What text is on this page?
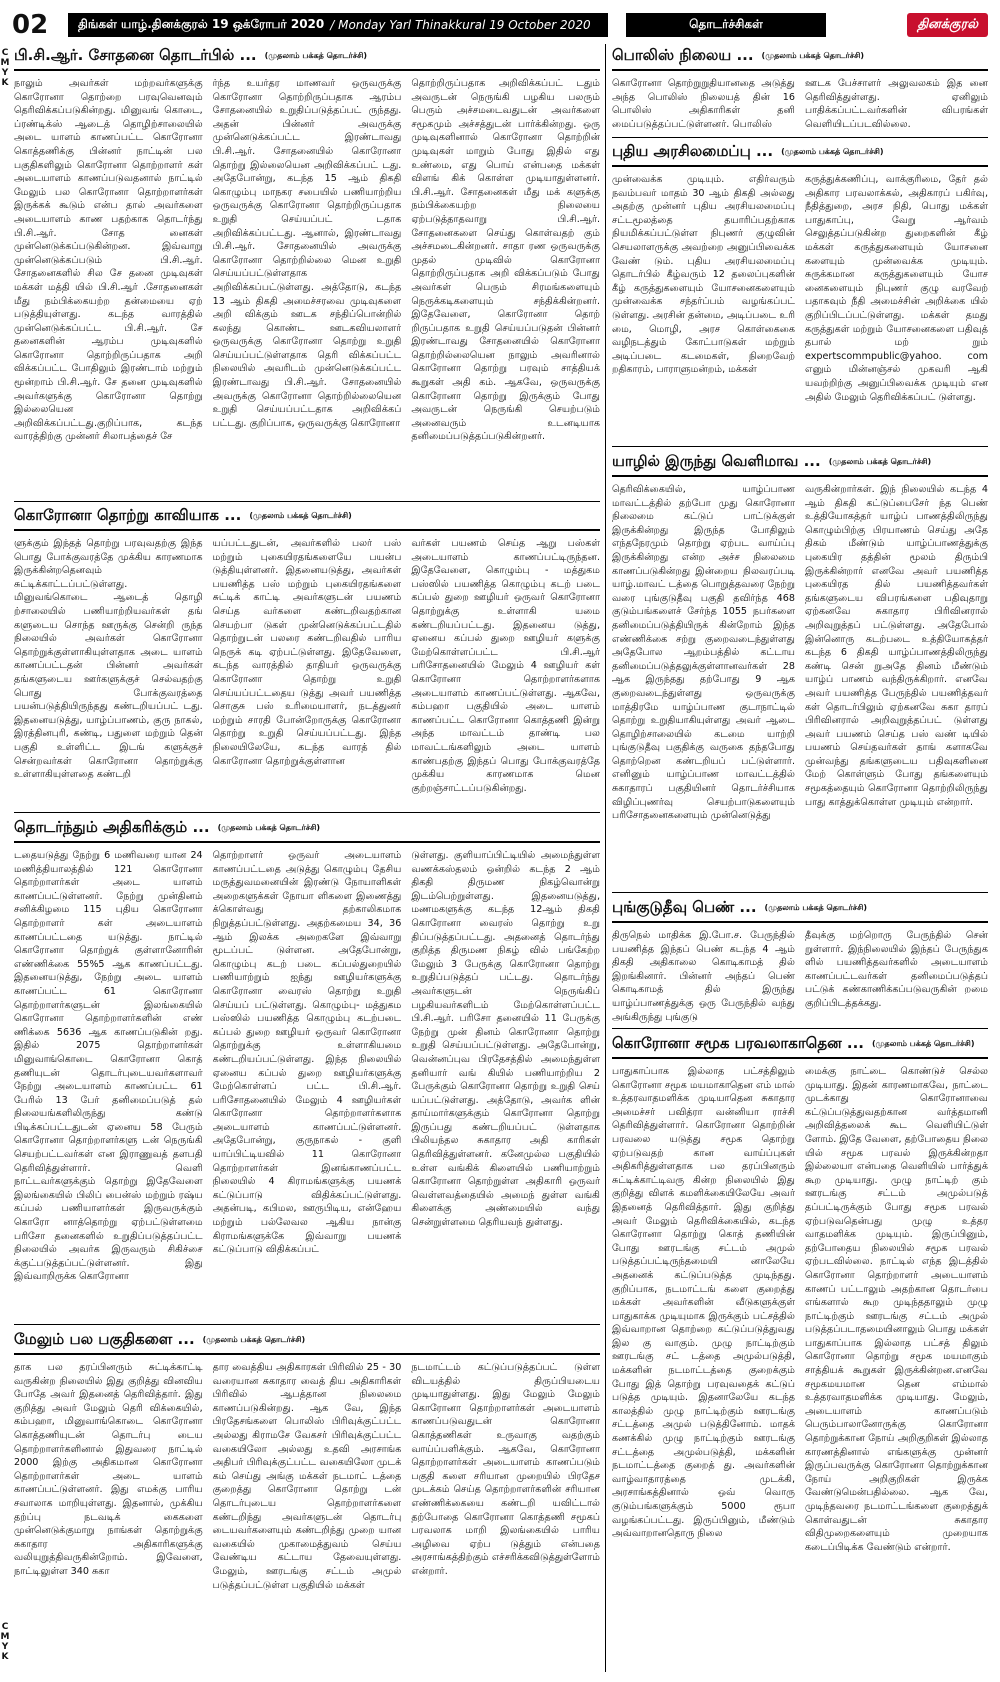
C
M
Y
K
C
M
Y
K
02	திங்கள் யாழ்.தினக்குரல் 19 ஒக்ரோபர் 2020 / Monday Yarl Thinakkural 19 October 2020	தொடர்ச்சிகள்	தினக்குரல்
பி.சி.ஆர். சோதனை தொடர்பில் ... (முதலாம் பக்கத் தொடர்ச்சி)
நாலும் அவர்கள் மற்றவர்களுக்கு கொரோனா தொற்றை பரவுவெனவும் தெரிவிக்கப்படுகின்றது. மினுவங் கொடை, ப்ரண்டிக்ஸ் ஆடைத் தொழிற்சாலையில் அடை யாளம் காணப்பட்ட கொரோனா கொத்தணிக்கு பின்னர் நாட்டின் பல பகுதிகளிலும் கொரோனா தொற்றாளர் கள் அடையாளம் காணப்படுவதனால் நாட்டில் மேலும் பல கொரோனா தொற்றாளர்கள் இருக்கக் கூடும் என்ப தால் அவர்களை அடையாளம் காண பதற்காக தொடர்ந்து பி.சி.ஆர். சோத னைகள் முன்னெடுக்கப்படுகின்றன. இவ்வாறு முன்னெடுக்கப்படும் பி.சி.ஆர். சோதனைகளில் சில சே தனை முடிவுகள் மக்கள் மத்தி யில் பி.சி.ஆர் .சோதனைகள் மீது நம்பிக்கையற்ற தன்மையை ஏற் படுத்தியுள்ளது. கடந்த வாரத்தில் முன்னெடுக்கப்பட்ட பி.சி.ஆர். சே தனைகளின் ஆரம்ப முடிவுகளில் கொரோனா தொற்றிருப்பதாக அறி விக்கப்பட்ட போதிலும் இரண்டாம் மற்றும் மூன்றாம் பி.சி.ஆர். சே தனை முடிவுகளில் அவர்களுக்கு கொரோனா தொற்று இல்லையென அறிவிக்கப்பட்டது.குறிப்பாக, கடந்த வாரத்திற்கு முன்னர் சிலாபத்தைச் சே
ர்ந்த உயர்தர மாணவர் ஒருவருக்கு கொரோனா தொற்றிருப்பதாக ஆரம்ப சோதனையில் உறுதிப்படுத்தப்பட் ருந்தது. அதன் பின்னர் அவருக்கு முன்னெடுக்கப்பட்ட இரண்டாவது பி.சி.ஆர். சோதனையில் கொரோனா தொற்று இல்லையென அறிவிக்கப்பட் டது. அதேபோன்று, கடந்த 15 ஆம் திகதி கொழும்பு மாநகர சபையில் பணியாற்றிய ஒருவருக்கு கொரோனா தொற்றிருப்பதாக உறுதி செய்யப்பட் டதாக அறிவிக்கப்பட்டது. ஆனால், இரண்டாவது பி.சி.ஆர். சோதனையில் அவருக்கு கொரோனா தொற்றில்லை மென உறுதி செய்யப்பட்டுள்ளதாக அறிவிக்கப்பட்டுள்ளது. அத்தோடு, கடந்த 13 ஆம் திகதி அமைச்சரவை முடிவுகளை அறி விக்கும் ஊடக சந்திப்பொன்றில் கலந்து கொண்ட ஊடகவியலாளர் ஒருவருக்கு கொரோனா தொற்று உறுதி செய்யப்பட்டுள்ளதாக தெரி விக்கப்பட்ட நிலையில் அவரிடம் முன்னெடுக்கப்பட்ட இரண்டாவது பி.சி.ஆர். சோதனையில் அவருக்கு கொரோனா தொற்றில்லையென உறுதி செய்யப்பட்டதாக அறிவிக்கப் பட்டது. குறிப்பாக, ஒருவருக்கு கொரோனா
தொற்றிருப்பதாக அறிவிக்கப்பட் டதும் அவருடன் நெருங்கி பழகிய பலரும் பெரும் அச்சமடைவதுடன் அவர்களை சமூகமும் அச்சத்துடன் பார்க்கின்றது. ஒரு முடிவுகளினால் கொரோனா தொற்றின் முடிவுகள் மாறும் போது இதில் எது உண்மை, எது பொய் என்பதை மக்கள் விளங் கிக் கொள்ள முடியாதுள்ளனர். பி.சி.ஆர். சோதனைகள் மீது மக் களுக்கு நம்பிக்கையற்ற நிலையை ஏற்படுத்தாதவாறு பி.சி.ஆர். சோதனைகளை செய்து கொள்வதற் கும் அச்சமடைகின்றனர். சாதா ரண ஒருவருக்கு முதல் முடிவில் கொரோனா தொற்றிருப்பதாக அறி விக்கப்படும் போது அவர்கள் பெரும் சிரமங்களையும் நெருக்கடிகளையும் சந்திக்கின்றனர். இதேவேளை, கொரோனா தொற் றிருப்பதாக உறுதி செய்யப்படுதன் பின்னர் இரண்டாவது சோதனையில் கொரோனா தொற்றில்லையென நாலும் அவரினால் கொரோனா தொற்று பரவும் சாத்தியக் கூறுகள் அதி கம். ஆகவே, ஒருவருக்கு கொரோனா தொற்று இருக்கும் போது அவருடன் நெருங்கி செயற்படும் அனைவரும் உடனடியாக தனிமைப்படுத்தப்படுகின்றனர்.
பொலிஸ் நிலைய ... (முதலாம் பக்கத் தொடர்ச்சி)
கொரோனா தொற்றுறுதியானதை அடுத்து அந்த பொலிஸ் நிலையத் தின் 16 பொலிஸ் அதிகாரிகள் தனி மைப்படுத்தப்பட்டுள்ளனர். பொலிஸ்
ஊடக பேச்சாளர் அலுவலகம் இத னை தெரிவித்துள்ளது. ஏனிலும் பாதிக்கப்பட்டவர்களின் விபரங்கள் வெளியிடப்படவில்லை.
புதிய அரசிலமைப்பு ... (முதலாம் பக்கத் தொடர்ச்சி)
முன்வைக்க முடியும். எதிர்வரும் நவம்பவர் மாதம் 30 ஆம் திகதி அல்லது அதற்கு முன்னர் புதிய அரசியலமைப்பு சட்டமூலத்தை தயாரிப்பதற்காக நியமிக்கப்பட்டுள்ள நிபுணர் குழுவின் செயலாளருக்கு அவற்றை அனுப்பிவைக்க வேண் டும். புதிய அரசியலமைப்பு தொடர்பில் கீழ்வரும் 12 தலைப்புகளின் கீழ் கருத்துகளையும் யோசனைகளையும் முன்வைக்க சந்தர்ப்பம் வழங்கப்பட் டுள்ளது. அரசின் தன்மை, அடிப்படை உரி மை, மொழி, அரச கொள்கைகை வழிநடத்தும் கோட்பாடுகள் மற்றும் அடிப்படை கடமைகள், நிறைவேற் றதிகாரம், பாராளுமன்றம், மக்கள்
கருத்துக்கணிப்பு, வாக்குரிமை, தேர் தல் அதிகார பரவலாக்கல், அதிகாரப் பகிர்வு, நீதித்துறை, அரச நிதி, பொது மக்கள் பாதுகாப்பு, வேறு ஆர்வம் செலுத்தப்படுகின்ற துறைகளின் கீழ் மக்கள் கருத்துகளையும் யோசனை களையும் முன்வைக்க முடியும். சுருக்கமான கருத்துகளையும் யோச னைகளையும் நிபுணர் குழு வரவேற் பதாகவும் நீதி அமைச்சின் அறிக்கை யில் குறிப்பிடப்பட்டுள்ளது. மக்கள் தமது கருத்துகள் மற்றும் யோசனைகளை பதிவுத் தபால் மற் றும் expertscommpublic@yahoo. com எனும் மின்னஞ்சல் முகவரி ஆகி யவற்றிற்கு அனுப்பிவைக்க முடியும் என அதில் மேலும் தெரிவிக்கப்பட் டுள்ளது.
யாழில் இருந்து வெளிமாவ ... (முதலாம் பக்கத் தொடர்ச்சி)
தெரிவிக்கையில், யாழ்ப்பாண மாவட்டத்தில் தற்போ முது கொரோனா நிலைமை கட்டுப் பாட்டுக்குள் இருக்கின்றது இருந்த போதிலும் எந்தநேரமும் தொற்று ஏற்பட வாய்ப்பு இருக்கின்றது என்ற அச்ச நிலைமை காணப்படுகின்றது இன்றைய நிலவரப்படி யாழ்.மாவட் டத்தை பொறுத்தவரை நேற்று வரை புங்குடுதீவு பகுதி தவிர்ந்த 468 குடும்பங்களைச் சேர்ந்த 1055 நபர்களை தனிமைப்படுத்தியிருக் கின்றோம் இந்த எண்ணிக்கை சற்று குறைவடைந்துள்ளது அதேபோல ஆறம்பத்தில் கட்டாய தனிமைப்படுத்தலுக்குள்ளானவர்கள் 28 ஆக இருந்தது தற்போது 9 ஆக குறைவடைந்துள்ளது ஒருவருக்கு மாத்திரமே யாழ்ப்பாண குடாநாட்டில் தொற்று உறுதியாகியுள்ளது அவர் ஆடை தொழிற்சாலையில் கடமை யாற்றி புங்குடுதீவு பகுதிக்கு வருகை தந்தபோது தொற்றென கண்டறியப் பட்டுள்ளார். எனினும் யாழ்ப்பாண மாவட்டத்தில் சுகாதாரப் பகுதியினர் தொடர்ச்சியாக விழிப்புணர்வு செயற்பாடுகளையும் பரிசோதனைகளையும் முன்னெடுத்து
வருகின்றார்கள். இந் நிலையில் கடந்த 4 ஆம் திகதி கட்டுப்பைசேர் ந்த பெண் உத்தியோகத்தர் யாழ்ப் பாணத்திலிருந்து கொழும்பிற்கு பிரயாணம் செய்து அதே திகம் மீண்டும் யாழ்ப்பாணத்துக்கு புகையிர தத்தின் மூலம் திரும்பி இருக்கின்றார் எனவே அவர் பயணித்த புகையிரத தில் பயணித்தவர்கள் தங்களுடைய விபரங்களை பதிவுதாறு ஏற்கனவே சுகாதார பிரிவினரால் அறிவுறுத்தப் பட்டுள்ளது. அதேபோல் இன்னொரு கடற்படை உத்தியோகத்தர் கடந்த 6 திகதி யாழ்ப்பாணத்திலிருந்து கண்டி சென் றுஅதே தினம் மீண்டும் யாழ்ப் பாணம் வந்திருக்கிறார். எனவே அவர் பயணித்த பேருந்தில் பயணித்தவர் கள் தொடர்பிலும் ஏற்கனவே சுகா தாரப் பிரிவினரால் அறிவுறுத்தப்பட் டுள்ளது அவர் பயணம் செய்த பஸ் வண் டியில் பயணம் செய்தவர்கள் தாங் களாகவே முன்வந்து தங்களுடைய பதிவுகளினை மேற் கொள்ளும் போது தங்களையும் சமூகத்தையும் கொரோனா தொற்றிலிருந்து பாது காத்துக்கொள்ள முடியும் என்றார்.
கொரோனா தொற்று காவியாக ... (முதலாம் பக்கத் தொடர்ச்சி)
ளுக்கும் இந்தத் தொற்று பரவுவதற்கு இந்த பொது போக்குவரத்தே முக்கிய காரணமாக இருக்கின்றதெனவும் சுட்டிக்காட்டப்பட்டுள்ளது. மினுவங்கொடை ஆடைத் தொழி ற்சாலையில் பணியாற்றியவர்கள் தங் களுடைய சொந்த ஊருக்கு சென்றி ருந்த நிலையில் அவர்கள் கொரோனா தொற்றுக்குள்ளாகியுள்ளதாக அடை யாளம் காணப்பட்டதன் பின்னர் அவர்கள் தங்களுடைய ஊர்களுக்குச் செல்வதற்கு பொது போக்குவரத்தை பயன்படுத்தியிருந்தது கண்டறியப்பட் டது. இதனையடுத்து, யாழ்ப்பாணம், குரு நாகல், இரத்தினபுரி, கண்டி, பதுளை மற்றும் தென் பகுதி உள்ளிட்ட இடங் களுக்குச் சென்றவர்கள் கொரோனா தொற்றுக்கு உள்ளாகியுள்ளதை கண்டறி
யப்பட்டதுடன், அவர்களில் பலர் பஸ் மற்றும் புகையிரதங்களையே பயன்ப டுத்தியுள்ளனர். இதனையடுத்து, அவர்கள் பயணித்த பஸ் மற்றும் புகையிரதங்களை சுட்டிக் காட்டி அவர்களுடன் பயணம் செய்த வர்களை கண்டறிவதற்கான செயற்பா டுகள் முன்னெடுக்கப்பட்டதில் தொற்றுடன் பலரை கண்டறிவதில் பாரிய நெருக் கடி ஏற்பட்டுள்ளது. இதேவேளை, கடந்த வாரத்தில் தாதியர் ஒருவருக்கு கொரோனா தொற்று உறுதி செய்யப்பட்டதைய டுத்து அவர் பயணித்த சொகுசு பஸ் உரிமையாளர், நடத்துனர் மற்றும் சாரதி போன்றோருக்கு கொரோனா தொற்று உறுதி செய்யப்பட்டது. இந்த நிலையிலேயே, கடந்த வாரத் தில் கொரோனா தொற்றுக்குள்ளான
வர்கள் பயணம் செய்த ஆறு பஸ்கள் அடையாளம் காணப்பட்டிருந்தன. இதேவேளை, கொழும்பு - மத்துகம பஸ்ஸில் பயணித்த கொழும்பு கடற் படை கப்பல் துறை ஊழியர் ஒருவர் கொரோனா தொற்றுக்கு உள்ளாகி யமை கண்டறியப்பட்டது. இதனைய டுத்து, ஏனைய கப்பல் துறை ஊழியர் களுக்கு மேற்கொள்ளப்பட்ட பி.சி.ஆர் பரிசோதனையில் மேலும் 4 ஊழியர் கள் கொரோனா தொற்றாளர்களாக அடையாளம் காணப்பட்டுள்ளது. ஆகவே, கம்பஹா பகுதியில் அடை யாளம் காணப்பட்ட கொரோனா கொத்தணி இன்று அந்த மாவட்டம் தாண்டி பல மாவட்டங்களிலும் அடை யாளம் காண்பதற்கு இந்தப் பொது போக்குவரத்தே முக்கிய காரணமாக மென குற்றஞ்சாட்டப்படுகின்றது.
தொடர்ந்தும் அதிகரிக்கும் ... (முதலாம் பக்கத் தொடர்ச்சி)
டதையடுத்து நேற்று 6 மணிவரை யான 24 மணித்தியாலத்தில் 121 கொரோனா தொற்றாளர்கள் அடை யாளம் காணப்பட்டுள்ளனர். நேற்று முன்தினம் சனிக்கிழமை 115 புதிய கொரோனா தொற்றாளர் கள் அடையாளம் காணப்பட்டதை யடுத்து. நாட்டில் கொரோனா தொற்றுக் குள்ளானோரின் எண்ணிக்கை 55%5 ஆக காணப்பட்டது. இதனையடுத்து, நேற்று அடை யாளம் காணப்பட்ட 61 கொரோனா தொற்றாளர்களுடன் இலங்கையில் கொரோனா தொற்றாளர்களின் எண் ணிக்கை 5636 ஆக காணப்படுகின் றது. இதில் 2075 தொற்றாளர்கள் மினுவாங்கொடை கொரோனா கொத் தணியுடன் தொடர்புடையவர்களாவர் நேற்று அடையாளம் காணப்பட்ட 61 பேரில் 13 பேர் தனிமைப்படுத் தல் நிலையங்களிலிருந்து கண்டு பிடிக்கப்பட்டதுடன் ஏனைய 58 பேரும் கொரோனா தொற்றாளர்களு டன் நெருங்கி செயற்பட்டவர்கள் என இராணுவத் தளபதி தெரிவித்துள்ளார். வெளி நாட்டவர்களுக்கும் தொற்று இதேவேளை இலங்கையில் பிலிப் பைன்ஸ் மற்றும் ரஷ்ய கப்பல் பணியாளர்கள் இருவருக்கும் கொரோ னாத்தொற்று ஏற்பட்டுள்ளமை பரிசோ தனைகளில் உறுதிப்படுத்தப்பட்ட நிலையில் அவர்க இருவரும் சிகிச்சை க்குட்படுத்தப்பட்டுள்ளனர். இது இவ்வாறிருக்க கொரோனா
தொற்றாளர் ஒருவர் அடையாளம் காணப்பட்டதை அடுத்து கொழும்பு தேசிய மருத்துவமனையின் இரண்டு நோயாளிகள் அறைகளுக்கள் நோயா ளிகளை இணைத்து க்கொள்வது தற்காலிகமாக நிறுத்தப்பட்டுள்ளது. அதற்கமைய 34, 36 ஆம் இலக்க அறைகளே இவ்வாறு மூடப்பட் டுள்ளன. அதேபோன்று, கொழும்பு கடற் படை கப்பல்துறையில் பணியாற்றும் ஐந்து ஊழியர்களுக்கு கொரோனா வைரஸ் தொற்று உறுதி செய்யப் பட்டுள்ளது. கொழும்பு- மத்துகம பஸ்ஸில் பயணித்த கொழும்பு கடற்படை கப்பல் துறை ஊழியர் ஒருவர் கொரோனா தொற்றுக்கு உள்ளாகியமை கண்டறியப்பட்டுள்ளது. இந்த நிலையில் ஏனைய கப்பல் துறை ஊழியர்களுக்கு மேற்கொள்ளப் பட்ட பி.சி.ஆர். பரிசோதனையில் மேலும் 4 ஊழியர்கள் கொரோனா தொற்றாளர்களாக அடையாளம் காணப்பட்டுள்ளனர். அதேபோன்று, குருநாகல் - குளி யாப்பிட்டியவில் 11 கொரோனா தொற்றாளர்கள் இனங்காணப்பட்ட நிலையில் 4 கிராமங்களுக்கு பயணக் கட்டுப்பாடு விதிக்கப்பட்டுள்ளது. அதன்படி, கபிமல, ஊருபிடிய, என்ஹேய மற்றும் பல்லேவல ஆகிய நான்கு கிராமங்களுக்கே இவ்வாறு பயணக் கட்டுப்பாடு விதிக்கப்பட்
டுள்ளது. குளியாப்பிட்டியில் அமைந்துள்ள வணக்கஸ்தலம் ஒன்றில் கடந்த 2 ஆம் திகதி திருமண நிகழ்வொன்று இடம்பெற்றுள்ளது. இதனையடுத்து, மணமகளுக்கு கடந்த 12ஆம் திகதி கொரோனா வைரஸ் தொற்று உறு திப்படுத்தப்பட்டது. அதனைத் தொடர்ந்து குறித்த திருமண நிகழ் வில் பங்கேற்ற மேலும் 3 பேருக்கு கொரோனா தொற்று உறுதிப்படுத்தப் பட்டது. தொடர்ந்து அவர்களுடன் நெருங்கிப் பழகியவர்களிடம் மேற்கொள்ளப்பட்ட பி.சி.ஆர். பரிசோ தனையில் 11 பேருக்கு நேற்று முன் தினம் கொரோனா தொற்று உறுதி செய்யப்பட்டுள்ளது. அதேபோன்று, வென்னப்புவ பிரதேசத்தில் அமைந்துள்ள தனியார் வங் கியில் பணியாற்றிய 2 பேருக்கும் கொரோனா தொற்று உறுதி செய் யப்பட்டுள்ளது. அத்தோடு, அவர்க ளின் தாய்மார்களுக்கும் கொரோனா தொற்று இருப்பது கண்டறியப்பட் டுள்ளதாக பிலியந்தல சுகாதார அதி காரிகள் தெரிவித்துள்ளனர். கனேமுல்ல பகுதியில் உள்ள வங்கிக் கிளையில் பணியாற்றும் கொரோனா தொற்றுள்ள அதிகாரி ஒருவர் வெள்ளவத்தையில் அமைந் துள்ள வங்கி கிளைக்கு அண்மையில் வந்து சென்றுள்ளமை தெரியவந் துள்ளது.
புங்குடுதீவு பெண் ... (முதலாம் பக்கத் தொடர்ச்சி)
திருநெல் மாதிக்க இ.போ.ச. பேருந்தில் பயணித்த இந்தப் பெண் கடந்த 4 ஆம் திகதி அதிகாலை கொடிகாமத் தில் இறங்கினார். பின்னர் அந்தப் பெண் கொடிகாமத் தில் இருந்து யாழ்ப்பாணத்துக்கு ஒரு பேருந்தில் வந்து அங்கிருந்து புங்குடு
தீவுக்கு மற்றொரு பேருந்தில் சென் றுள்ளார். இந்நிலையில் இந்தப் பேருந்துக ளில் பயணித்தவர்களில் அடையாளம் காணப்பட்டவர்கள் தனிமைப்படுத்தப் பட்டுக் கண்காணிக்கப்படுவருகின் றமை குறிப்பிடத்தக்கது.
கொரோனா சமூக பரவலாகாதென ... (முதலாம் பக்கத் தொடர்ச்சி)
பாதுகாப்பாக இல்லாத பட்சத்திலும் கொரோனா சமூக மயமாகாதென எம் மால் உத்தரவாதமளிக்க முடியாதென சுகாதார அமைச்சர் பவித்ரா வன்னியா ராச்சி தெரிவித்துள்ளார். கொரோனா தொற்றின் பரவலை யடுத்து சமூக தொற்று ஏற்படுவதற் கான வாய்ப்புகள் அதிகரித்துள்ளதாக பல தரப்பினரும் சுட்டிக்காட்டிவரு கின்ற நிலையில் இது குறித்து விளக் கமளிக்கையிலேயே அவர் இதனைத் தெரிவித்தார். இது குறித்து அவர் மேலும் தெரிவிக்கையில், கடந்த கொரோனா தொற்று கொத் தணியின் போது ஊரடங்கு சட்டம் அமுல் படுத்தப்பட்டிருந்தமையி னாலேயே அதனைக் கட்டுப்படுத்த முடிந்தது. குறிப்பாக, நடமாட்டங் களை குறைத்து மக்கள் அவர்களின் வீடுகளுக்குள் பாதுகாக்க முடியுமாக இருக்கும் பட்சத்தில் இவ்வாறான தொற்றை கட்டுப்படுத்துவது இல கு வாகும். முழு நாட்டிற்கும் ஊரடங்கு சட் டத்தை அமுல்படுத்தி, மக்களின் நடமாட்டத்தை குறைக்கும் போது இத் தொற்று பரவுவதைக் கட்டுப் படுத்த முடியும். இதனாலேயே கடந்த காலத்தில் முழு நாட்டிற்கும் ஊரடங்கு சட்டத்தை அமுல் படுத்தினோம். மாதக் கணக்கில் முழு நாட்டிற்கும் ஊரடங்கு சட்டத்தை அமுல்படுத்தி, மக்களின் நடமாட்டத்தை குறைத் து. அவர்களின் வாழ்வாதாரத்தை முடக்கி, அரசாங்கத்தினால் ஒவ் வொரு குடும்பங்களுக்கும் 5000 ரூபா வழங்கப்பட்டது. இருப்பினும், மீண்டும் அவ்வாறானதொரு நிலை
மைக்கு நாட்டை கொண்டுச் செல்ல முடியாது. இதன் காரணமாகவே, நாட்டை முடக்காது கொரோனாவை கட்டுப்படுத்துவதற்கான வர்த்தமானி அறிவித்தலைக் கூட வெளியிட்டுள் ளோம். இதே வேளை, தற்போதைய நிலை யில் சமூக பரவல் இருக்கின்றதா இல்லையா என்பதை வெளியில் பார்த்துக் கூற முடியாது. முழு நாட்டிற் கும் ஊரடங்கு சட்டம் அமுல்படுத் தப்பட்டிருக்கும் போது சமூக பரவல் ஏற்படுவதென்பது முழு உத்தர வாதமளிக்க முடியும். இருப்பினும், தற்போதைய நிலையில் சமூக பரவல் ஏற்படவில்லை. நாட்டில் எந்த இடத்தில் கொரோனா தொற்றாளர் அடையாளம் காணப் பட்டாலும் அதற்கான தொடர்பை எங்களால் கூற முடிந்ததாலும் முழு நாட்டிற்கும் ஊரடங்கு சட்டம் அமுல் படுத்தப்படாதமையினாலும் பொது மக்கள் பாதுகாப்பாக இல்லாத பட்சத் திலும் கொரோனா தொற்று சமூக மயமாகும் சாத்தியக் கூறுகள் இருக்கின்றன.எனவே சமூகமயமான தென எம்மால் உத்தரவாதமளிக்க முடியாது. மேலும், அடையாளம் காணப்படும் பெரும்பாலானோருக்கு கொரோனா தொற்றுக்கான நோய் அறிகுறிகள் இல்லாத காரணத்தினால் எங்களுக்கு முன்னர் இருப்பவருக்கு கொரோனா தொற்றுக்கான நோய் அறிகுறிகள் இருக்க வேண்டுமென்பதில்லை. ஆக வே, முடிந்தவரை நடமாட்டங்களை குறைத்துக் கொள்வதுடன் சுகாதார விதிமுறைகளையும் முறையாக கடைப்பிடிக்க வேண்டும் என்றார்.
மேலும் பல பகுதிகளை ... (முதலாம் பக்கத் தொடர்ச்சி)
தாக பல தரப்பினரும் சுட்டிக்காட்டி வருகின்ற நிலையில் இது குறித்து வினவிய போதே அவர் இதனைத் தெரிவித்தார். இது குறித்து அவர் மேலும் தெரி விக்கையில், கம்பஹா, மினுவாங்கொடை கொரோனா கொத்தணியுடன் தொடர்பு டைய தொற்றாளர்களினால் இதுவரை நாட்டில் 2000 இற்கு அதிகமான கொரோனா தொற்றாளர்கள் அடை யாளம் காணப்பட்டுள்ளனர். இது எமக்கு பாரிய சவாலாக மாறியுள்ளது. இதனால், முக்கிய தற்ப்பு நடவடிக் கைகளை முன்னெடுக்குமாறு நாங்கள் தொற்றுக்கு சுகாதார அதிகாரிகளுக்கு வலியுறுத்திவருகின்றோம். இவேளை, நாட்டிலுள்ள 340 சுகா
தார வைத்திய அதிகாரகள் பிரிவில் 25 - 30 வரையான சுகாதார வைத் திய அதிகாரிகள் பிரிவில் ஆபத்தான நிலைமை காணப்படுகின்றது. ஆக வே, இந்த பிரதேசங்களை பொலிஸ் பிரிவுக்குட்பட்ட அல்லது கிராமசே வேகசர் பிரிவுக்குட்பட்ட வகையிலோ அல்லது உதவி அரசாங்க அதிபர் பிரிவுக்குட்பட்ட வகையிலோ முடக் கம் செய்து அங்கு மக்கள் நடமாட் டத்தை குறைத்து கொரோனா தொற்று டன் தொடர்புடைய தொற்றாளர்களை கண்டறிந்து அவர்களுடன் தொடர்பு டையவர்களையும் கண்டறிந்து முறை யான வகையில் முகாமைத்துவம் செய்ய வேண்டிய கட்டாய தேவையுள்ளது. மேலும், ஊரடங்கு சட்டம் அமுல் படுத்தப்பட்டுள்ள பகுதியில் மக்கள்
நடமாட்டம் கட்டுப்படுத்தப்பட் டுள்ள விடயத்தில் திருப்பியடைய முடியாதுள்ளது. இது மேலும் மேலும் கொரோனா தொற்றாளர்கள் அடையாளம் காணப்படுவதுடன் கொரோனா கொத்தணிகள் உருவாகு வதற்கும் வாய்ப்பளிக்கும். ஆகவே, கொரோனா தொற்றாளர்கள் அடையாளம் காணப்படும் பகுதி களை சரியான முறையில் பிரதேச முடக்கம் செய்த தொற்றாளர்களின் சரியான எண்ணிக்கையை கண்டறி யவிட்டால் தற்போதை கொரோனா கொத்தணி சமூகப் பரவலாக மாறி இலங்கையில் பாரிய அழிவை ஏற்ப டுத்தும் என்பதை அரசாங்கத்திற்கும் எச்சரிக்கவிடுத்துள்ளோம் என்றார்.
